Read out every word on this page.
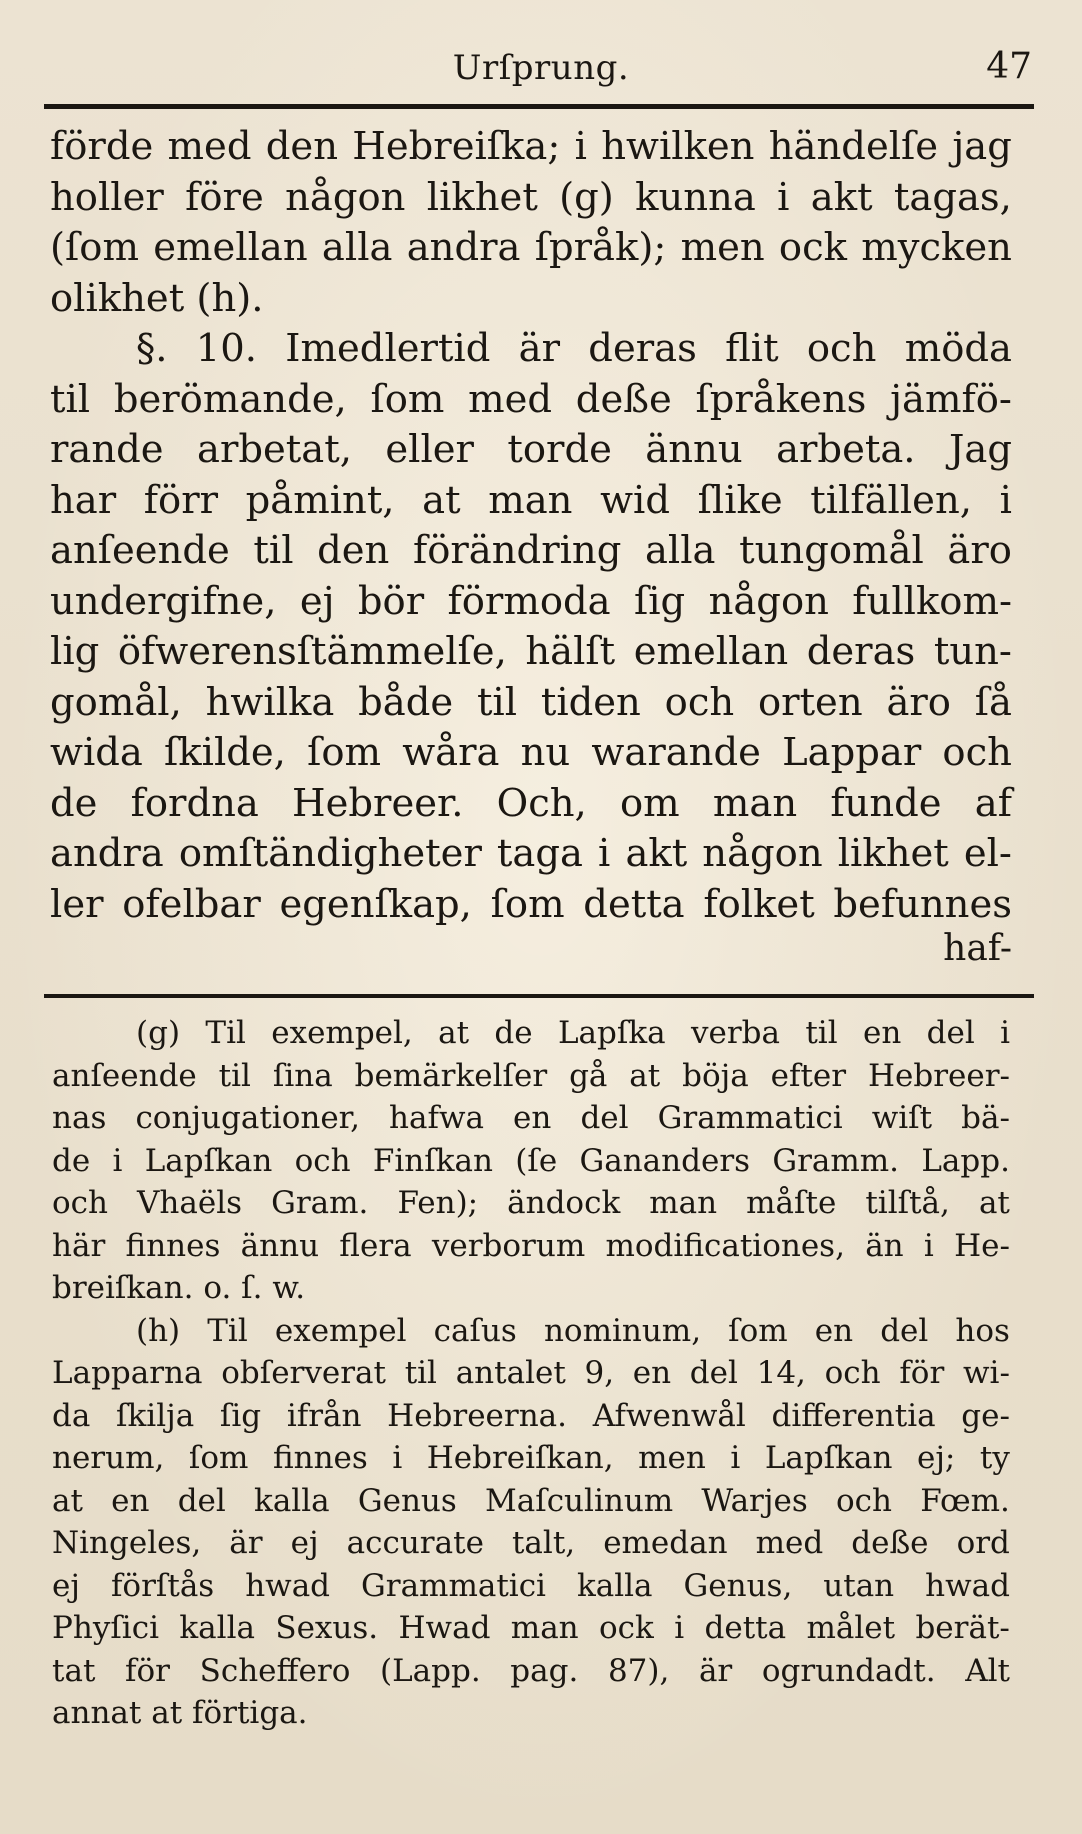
Urſprung.	47
förde med den Hebreiſka; i hwilken händelſe jag
holler före någon likhet (g) kunna i akt tagas,
(ſom emellan alla andra ſpråk); men ock mycken
olikhet (h).
§. 10. Imedlertid är deras flit och möda
til berömande, ſom med deße ſpråkens jämfö-
rande arbetat, eller torde ännu arbeta. Jag
har förr påmint, at man wid ſlike tilfällen, i
anſeende til den förändring alla tungomål äro
undergifne, ej bör förmoda ſig någon fullkom-
lig öfwerensſtämmelſe, hälſt emellan deras tun-
gomål, hwilka både til tiden och orten äro ſå
wida ſkilde, ſom wåra nu warande Lappar och
de fordna Hebreer. Och, om man funde af
andra omſtändigheter taga i akt någon likhet el-
ler ofelbar egenſkap, ſom detta folket befunnes
haf-
(g) Til exempel, at de Lapſka verba til en del i
anſeende til ſina bemärkelſer gå at böja efter Hebreer-
nas conjugationer, hafwa en del Grammatici wiſt bä-
de i Lapſkan och Finſkan (ſe Gananders Gramm. Lapp.
och Vhaëls Gram. Fen); ändock man måſte tilſtå, at
här finnes ännu flera verborum modificationes, än i He-
breiſkan. o. ſ. w.
(h) Til exempel caſus nominum, ſom en del hos
Lapparna obſerverat til antalet 9, en del 14, och för wi-
da ſkilja ſig ifrån Hebreerna. Afwenwål differentia ge-
nerum, ſom finnes i Hebreiſkan, men i Lapſkan ej; ty
at en del kalla Genus Maſculinum Warjes och Fœm.
Ningeles, är ej accurate talt, emedan med deße ord
ej förſtås hwad Grammatici kalla Genus, utan hwad
Phyſici kalla Sexus. Hwad man ock i detta målet berät-
tat för Scheffero (Lapp. pag. 87), är ogrundadt. Alt
annat at förtiga.
